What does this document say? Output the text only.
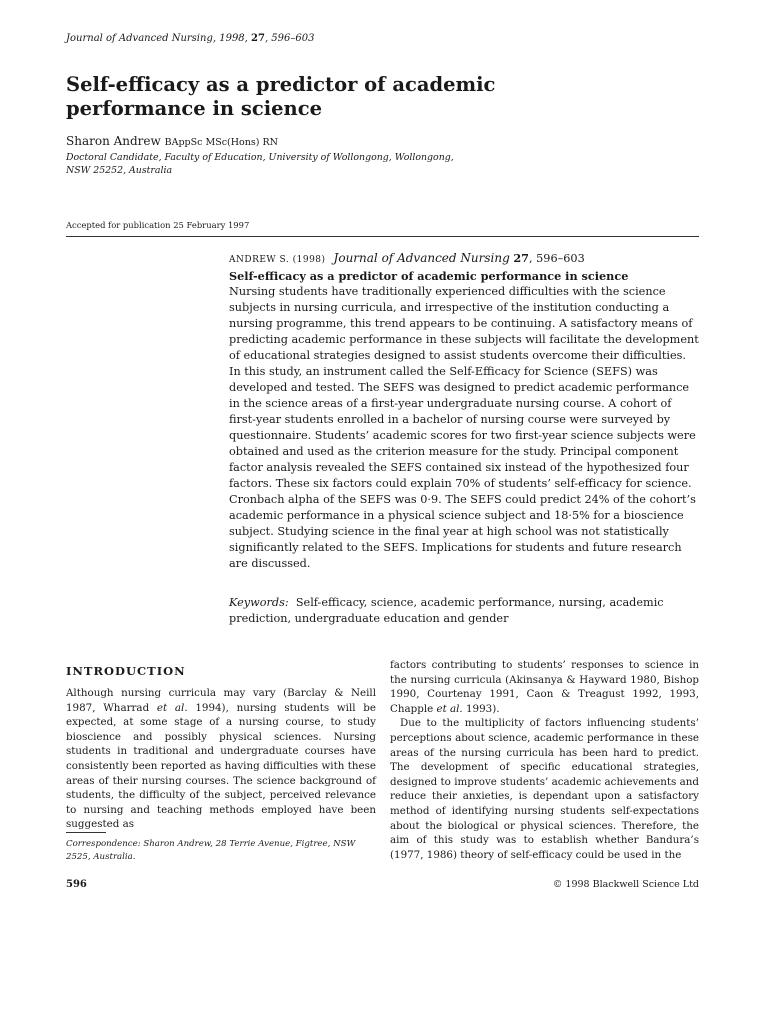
Journal of Advanced Nursing, 1998, 27, 596–603
Self-efficacy as a predictor of academic
performance in science
Sharon Andrew BAppSc MSc(Hons) RN
Doctoral Candidate, Faculty of Education, University of Wollongong, Wollongong,
NSW 25252, Australia
Accepted for publication 25 February 1997
ANDREW S. (1998) Journal of Advanced Nursing 27, 596–603
Self-efficacy as a predictor of academic performance in science

Nursing students have traditionally experienced difficulties with the science subjects in nursing curricula, and irrespective of the institution conducting a nursing programme, this trend appears to be continuing. A satisfactory means of predicting academic performance in these subjects will facilitate the development of educational strategies designed to assist students overcome their difficulties. In this study, an instrument called the Self-Efficacy for Science (SEFS) was developed and tested. The SEFS was designed to predict academic performance in the science areas of a first-year undergraduate nursing course. A cohort of first-year students enrolled in a bachelor of nursing course were surveyed by questionnaire. Students’ academic scores for two first-year science subjects were obtained and used as the criterion measure for the study. Principal component factor analysis revealed the SEFS contained six instead of the hypothesized four factors. These six factors could explain 70% of students’ self-efficacy for science. Cronbach alpha of the SEFS was 0·9. The SEFS could predict 24% of the cohort’s academic performance in a physical science subject and 18·5% for a bioscience subject. Studying science in the final year at high school was not statistically significantly related to the SEFS. Implications for students and future research are discussed.

Keywords: Self-efficacy, science, academic performance, nursing, academic prediction, undergraduate education and gender
INTRODUCTION

Although nursing curricula may vary (Barclay & Neill 1987, Wharrad et al. 1994), nursing students will be expected, at some stage of a nursing course, to study bioscience and possibly physical sciences. Nursing students in traditional and undergraduate courses have consistently been reported as having difficulties with these areas of their nursing courses. The science background of students, the difficulty of the subject, perceived relevance to nursing and teaching methods employed have been suggested as

Correspondence: Sharon Andrew, 28 Terrie Avenue, Figtree, NSW 2525, Australia.

factors contributing to students’ responses to science in the nursing curricula (Akinsanya & Hayward 1980, Bishop 1990, Courtenay 1991, Caon & Treagust 1992, 1993, Chapple et al. 1993).

Due to the multiplicity of factors influencing students’ perceptions about science, academic performance in these areas of the nursing curricula has been hard to predict. The development of specific educational strategies, designed to improve students’ academic achievements and reduce their anxieties, is dependant upon a satisfactory method of identifying nursing students self-expectations about the biological or physical sciences. Therefore, the aim of this study was to establish whether Bandura’s (1977, 1986) theory of self-efficacy could be used in the

596	© 1998 Blackwell Science Ltd
